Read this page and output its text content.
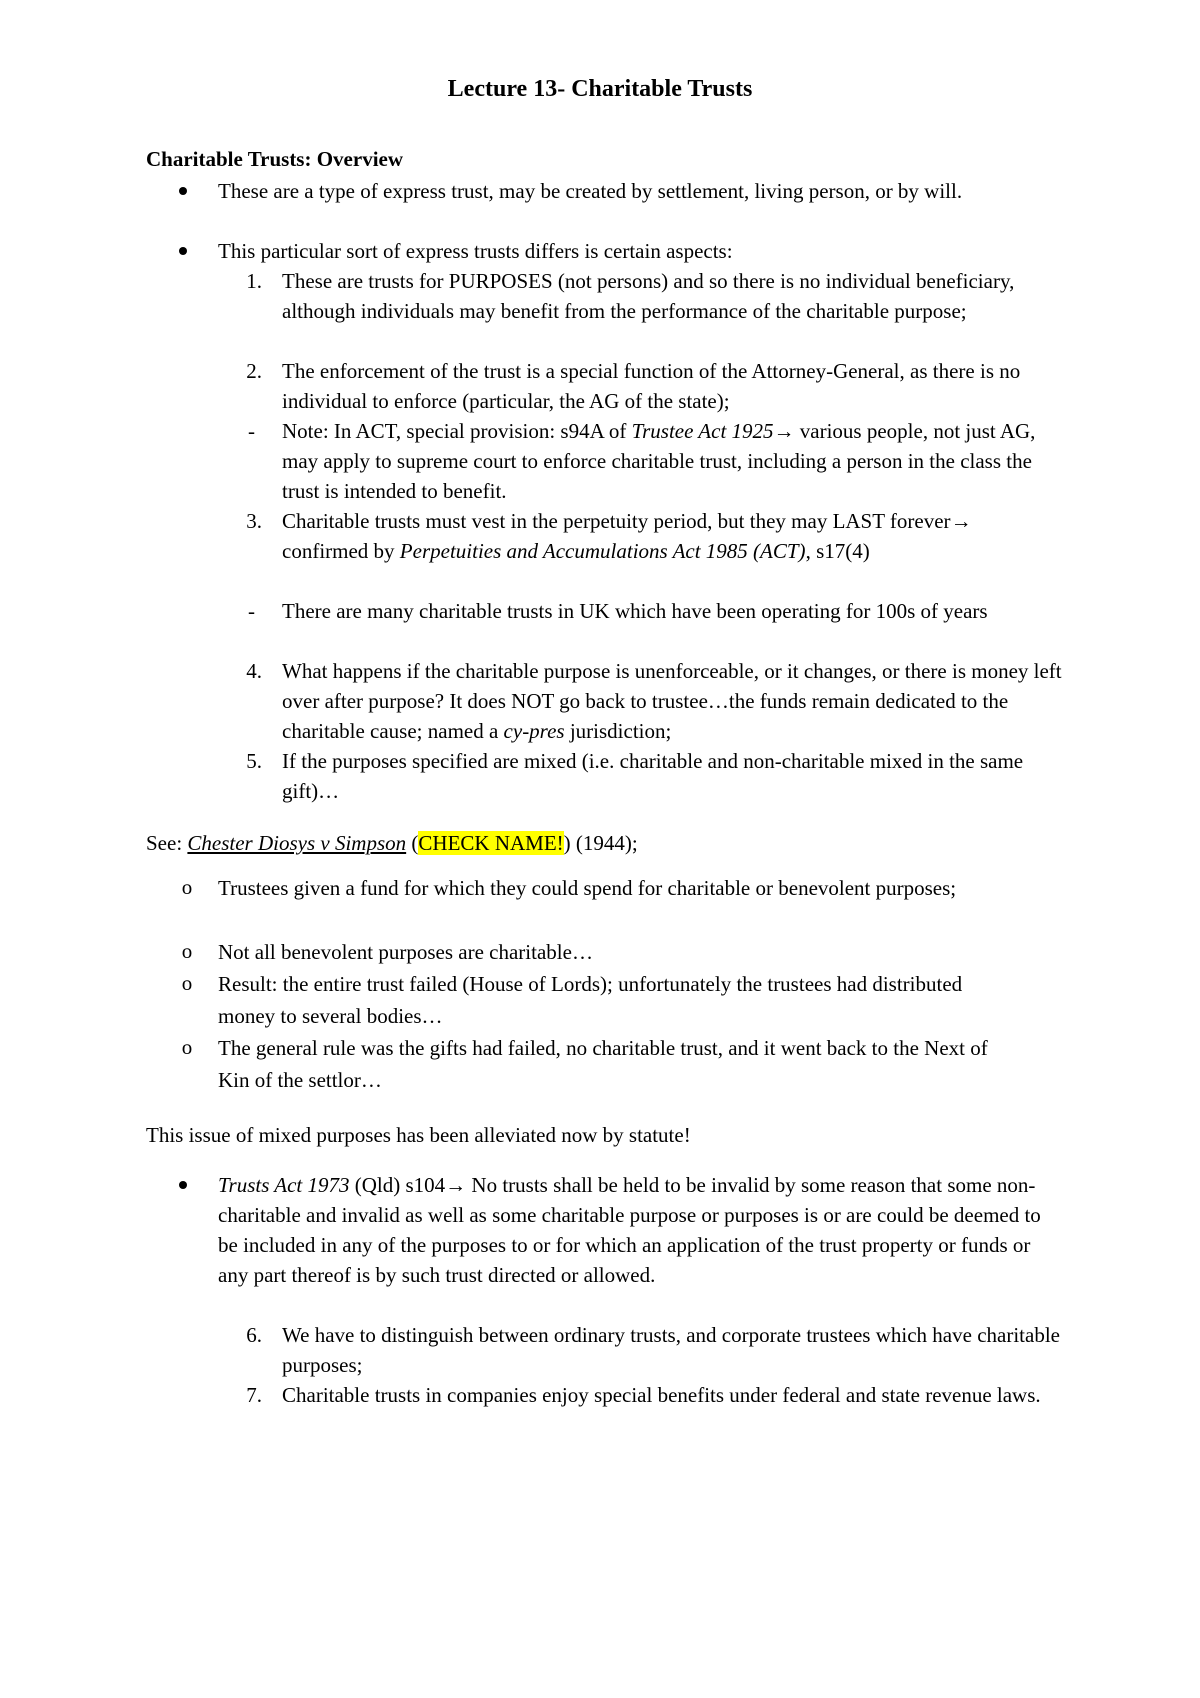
Lecture 13- Charitable Trusts
Charitable Trusts: Overview
These are a type of express trust, may be created by settlement, living person, or by will.
This particular sort of express trusts differs is certain aspects:
1. These are trusts for PURPOSES (not persons) and so there is no individual beneficiary, although individuals may benefit from the performance of the charitable purpose;
2. The enforcement of the trust is a special function of the Attorney-General, as there is no individual to enforce (particular, the AG of the state);
-	Note: In ACT, special provision: s94A of Trustee Act 1925→ various people, not just AG, may apply to supreme court to enforce charitable trust, including a person in the class the trust is intended to benefit.
3. Charitable trusts must vest in the perpetuity period, but they may LAST forever→ confirmed by Perpetuities and Accumulations Act 1985 (ACT), s17(4)
-	There are many charitable trusts in UK which have been operating for 100s of years
4. What happens if the charitable purpose is unenforceable, or it changes, or there is money left over after purpose? It does NOT go back to trustee…the funds remain dedicated to the charitable cause; named a cy-pres jurisdiction;
5. If the purposes specified are mixed (i.e. charitable and non-charitable mixed in the same gift)…
See: Chester Diosys v Simpson (CHECK NAME!) (1944);
o Trustees given a fund for which they could spend for charitable or benevolent purposes;
o Not all benevolent purposes are charitable…
o Result: the entire trust failed (House of Lords); unfortunately the trustees had distributed money to several bodies…
o The general rule was the gifts had failed, no charitable trust, and it went back to the Next of Kin of the settlor…
This issue of mixed purposes has been alleviated now by statute!
Trusts Act 1973 (Qld) s104→ No trusts shall be held to be invalid by some reason that some non-charitable and invalid as well as some charitable purpose or purposes is or are could be deemed to be included in any of the purposes to or for which an application of the trust property or funds or any part thereof is by such trust directed or allowed.
6. We have to distinguish between ordinary trusts, and corporate trustees which have charitable purposes;
7. Charitable trusts in companies enjoy special benefits under federal and state revenue laws.
